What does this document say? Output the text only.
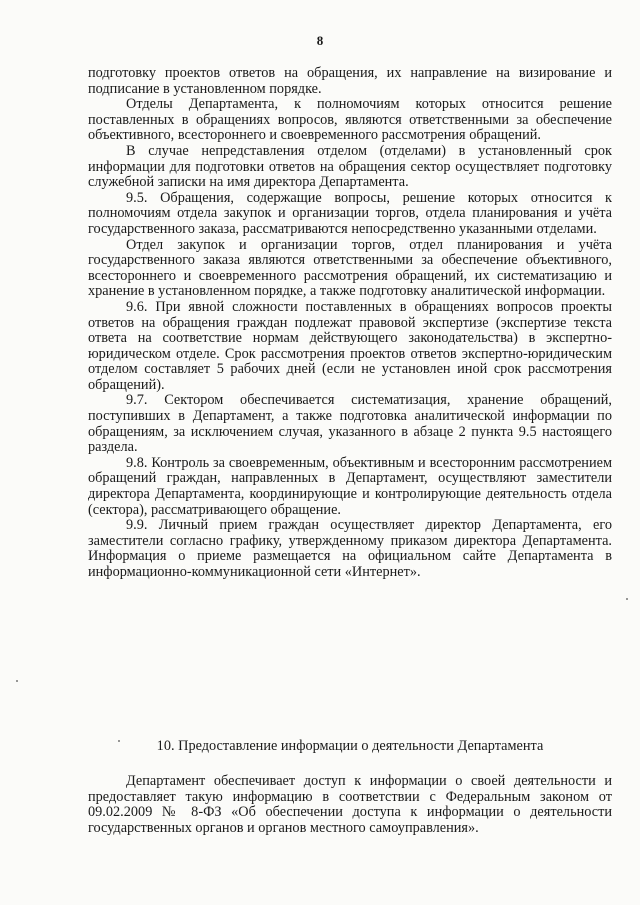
8

подготовку проектов ответов на обращения, их направление на визирование и подписание в установленном порядке.

Отделы Департамента, к полномочиям которых относится решение поставленных в обращениях вопросов, являются ответственными за обеспечение объективного, всестороннего и своевременного рассмотрения обращений.

В случае непредставления отделом (отделами) в установленный срок информации для подготовки ответов на обращения сектор осуществляет подготовку служебной записки на имя директора Департамента.

9.5. Обращения, содержащие вопросы, решение которых относится к полномочиям отдела закупок и организации торгов, отдела планирования и учёта государственного заказа, рассматриваются непосредственно указанными отделами.

Отдел закупок и организации торгов, отдел планирования и учёта государственного заказа являются ответственными за обеспечение объективного, всестороннего и своевременного рассмотрения обращений, их систематизацию и хранение в установленном порядке, а также подготовку аналитической информации.

9.6. При явной сложности поставленных в обращениях вопросов проекты ответов на обращения граждан подлежат правовой экспертизе (экспертизе текста ответа на соответствие нормам действующего законодательства) в экспертно-юридическом отделе. Срок рассмотрения проектов ответов экспертно-юридическим отделом составляет 5 рабочих дней (если не установлен иной срок рассмотрения обращений).

9.7. Сектором обеспечивается систематизация, хранение обращений, поступивших в Департамент, а также подготовка аналитической информации по обращениям, за исключением случая, указанного в абзаце 2 пункта 9.5 настоящего раздела.

9.8. Контроль за своевременным, объективным и всесторонним рассмотрением обращений граждан, направленных в Департамент, осуществляют заместители директора Департамента, координирующие и контролирующие деятельность отдела (сектора), рассматривающего обращение.

9.9. Личный прием граждан осуществляет директор Департамента, его заместители согласно графику, утвержденному приказом директора Департамента. Информация о приеме размещается на официальном сайте Департамента в информационно-коммуникационной сети «Интернет».

10. Предоставление информации о деятельности Департамента

Департамент обеспечивает доступ к информации о своей деятельности и предоставляет такую информацию в соответствии с Федеральным законом от 09.02.2009 № 8-ФЗ «Об обеспечении доступа к информации о деятельности государственных органов и органов местного самоуправления».
